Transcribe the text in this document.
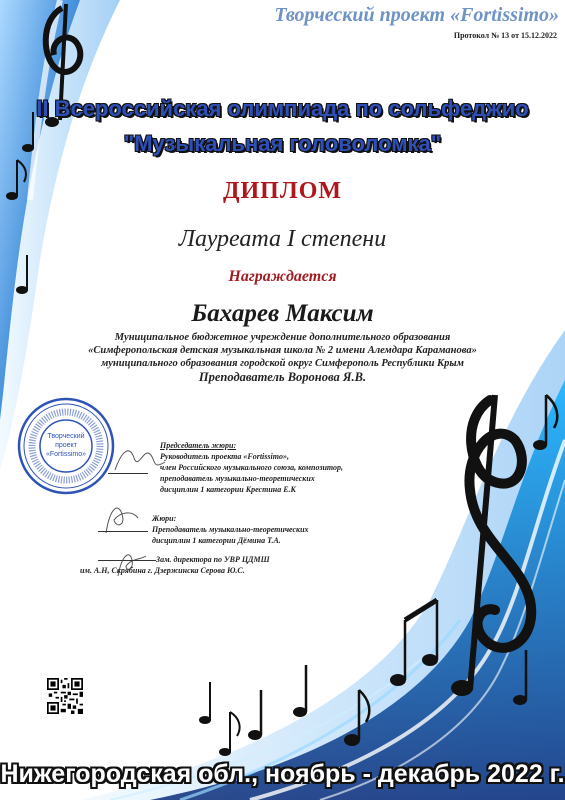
Творческий проект «Fortissimo»
Протокол № 13 от 15.12.2022
II Всероссийская олимпиада по сольфеджио
"Музыкальная головоломка"
ДИПЛОМ
Лауреата I степени
Награждается
Бахарев Максим
Муниципальное бюджетное учреждение дополнительного образования
«Симферопольская детская музыкальная школа № 2 имени Алемдара Караманова»
муниципального образования городской округ Симферополь Республики Крым
Преподаватель Воронова Я.В.
Творческий
проект
«Fortissimo»
Председатель жюри:
Руководитель проекта «Fortissimo»,
член Российского музыкального союза, композитор,
преподаватель музыкально-теоретических
дисциплин 1 категории Крестина Е.К
Жюри:
Преподаватель музыкально-теоретических
дисциплин 1 категории Дёмина Т.А.
Зам. директора по УВР ЦДМШ
им. А.Н, Скрябина г. Дзержинска Серова Ю.С.
Нижегородская обл., ноябрь - декабрь 2022 г.
